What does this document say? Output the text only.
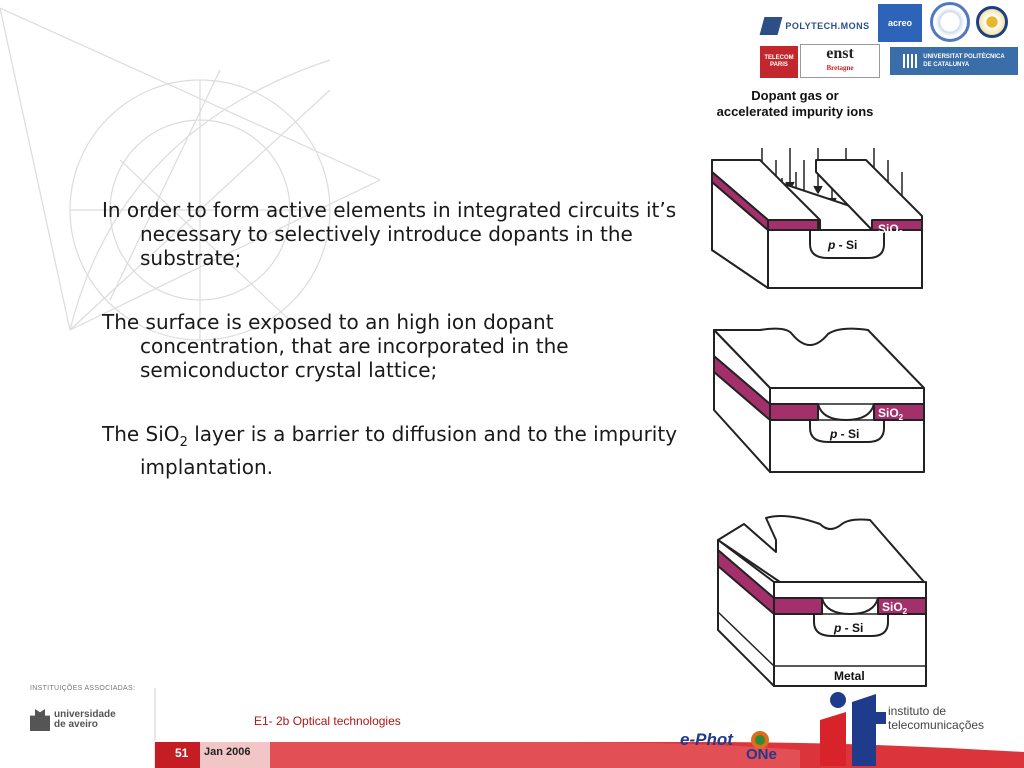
POLYTECH.MONS acreo
TELECOM
PARIS
enst
Bretagne
UNIVERSITAT POLITÈCNICA
DE CATALUNYA

In order to form active elements in integrated circuits it’s necessary to selectively introduce dopants in the substrate;

The surface is exposed to an high ion dopant concentration, that are incorporated in the semiconductor crystal lattice;

The SiO$_2$ layer is a barrier to diffusion and to the impurity implantation.

Dopant gas or
accelerated impurity ions
SiO$_2$
SiO$_2$
SiO$_2$
p - Si
p - Si
p - Si
Metal
INSTITUIÇÕES ASSOCIADAS:
universidade
de aveiro	E1- 2b Optical technologies
51 Jan 2006
e-Phot
ONe
instituto de
telecomunicações
